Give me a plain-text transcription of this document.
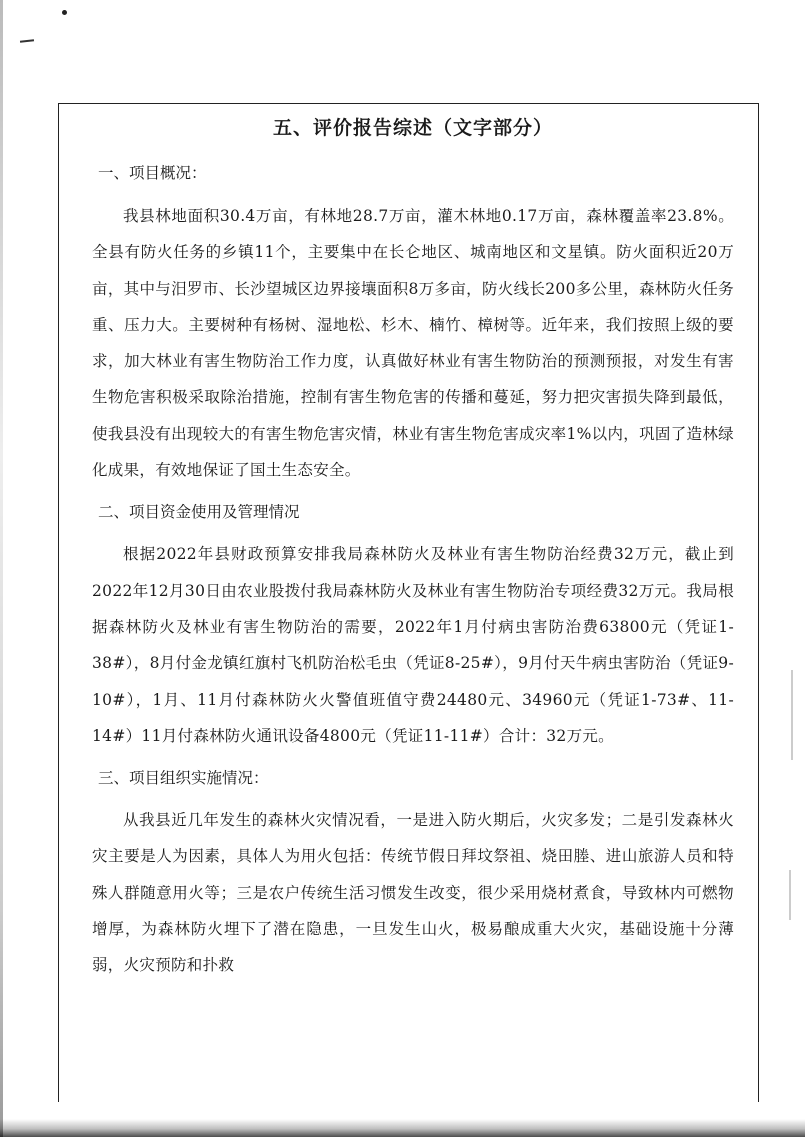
五、评价报告综述（文字部分）
一、项目概况：

我县林地面积30.4万亩，有林地28.7万亩，灌木林地0.17万亩，森林覆盖率23.8%。全县有防火任务的乡镇11个，主要集中在长仑地区、城南地区和文星镇。防火面积近20万亩，其中与汨罗市、长沙望城区边界接壤面积8万多亩，防火线长200多公里，森林防火任务重、压力大。主要树种有杨树、湿地松、杉木、楠竹、樟树等。近年来，我们按照上级的要求，加大林业有害生物防治工作力度，认真做好林业有害生物防治的预测预报，对发生有害生物危害积极采取除治措施，控制有害生物危害的传播和蔓延，努力把灾害损失降到最低，使我县没有出现较大的有害生物危害灾情，林业有害生物危害成灾率1%以内，巩固了造林绿化成果，有效地保证了国土生态安全。

二、项目资金使用及管理情况

根据2022年县财政预算安排我局森林防火及林业有害生物防治经费32万元，截止到2022年12月30日由农业股拨付我局森林防火及林业有害生物防治专项经费32万元。我局根据森林防火及林业有害生物防治的需要，2022年1月付病虫害防治费63800元（凭证1-38#），8月付金龙镇红旗村飞机防治松毛虫（凭证8-25#），9月付天牛病虫害防治（凭证9-10#），1月、11月付森林防火火警值班值守费24480元、34960元（凭证1-73#、11-14#）11月付森林防火通讯设备4800元（凭证11-11#）合计：32万元。

三、项目组织实施情况：

从我县近几年发生的森林火灾情况看，一是进入防火期后，火灾多发；二是引发森林火灾主要是人为因素，具体人为用火包括：传统节假日拜坟祭祖、烧田塍、进山旅游人员和特殊人群随意用火等；三是农户传统生活习惯发生改变，很少采用烧材煮食，导致林内可燃物增厚，为森林防火埋下了潜在隐患，一旦发生山火，极易酿成重大火灾，基础设施十分薄弱，火灾预防和扑救
